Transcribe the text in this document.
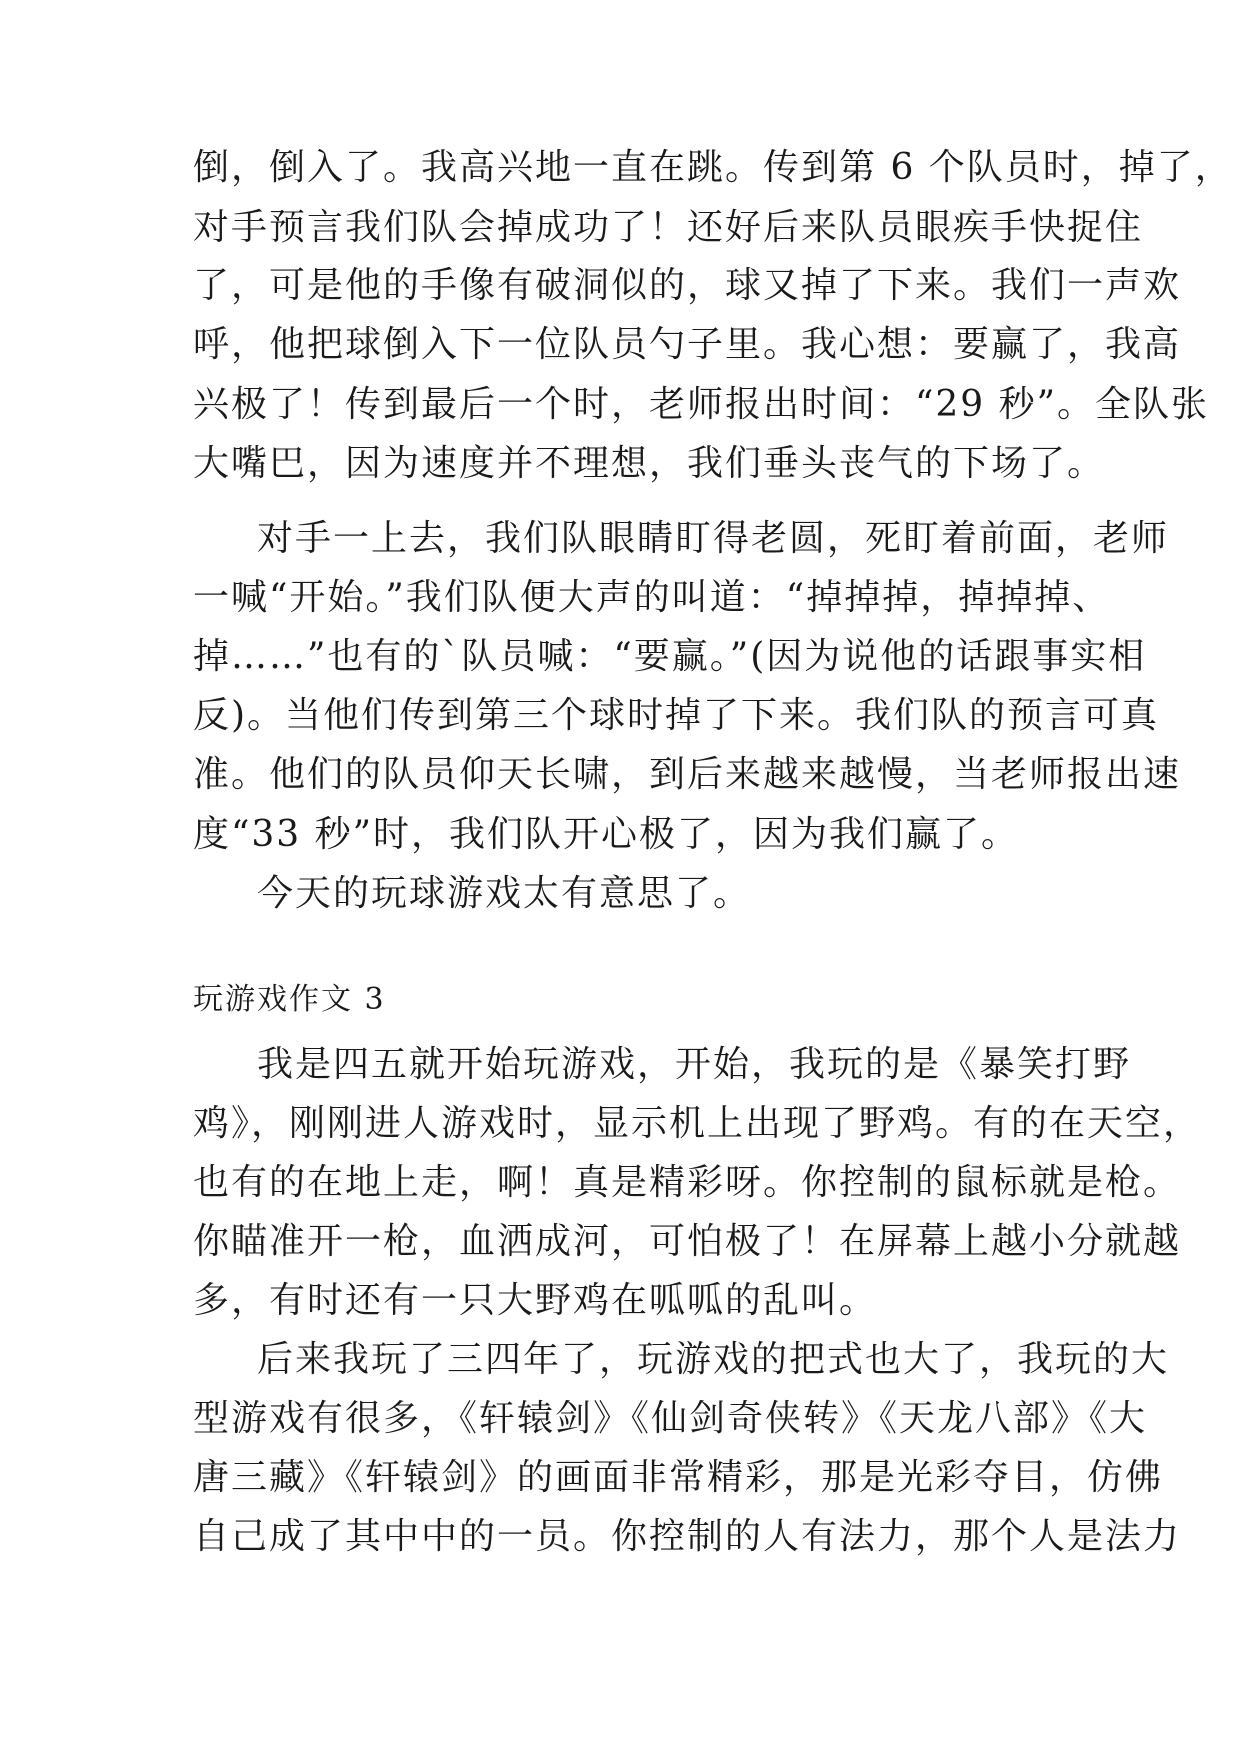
倒，倒入了。我高兴地一直在跳。传到第 6 个队员时，掉了，
对手预言我们队会掉成功了！还好后来队员眼疾手快捉住
了，可是他的手像有破洞似的，球又掉了下来。我们一声欢
呼，他把球倒入下一位队员勺子里。我心想：要赢了，我高
兴极了！传到最后一个时，老师报出时间：“29 秒”。全队张
大嘴巴，因为速度并不理想，我们垂头丧气的下场了。
对手一上去，我们队眼睛盯得老圆，死盯着前面，老师
一喊“开始。”我们队便大声的叫道：“掉掉掉，掉掉掉、
掉……”也有的`队员喊：“要赢。”(因为说他的话跟事实相
反)。当他们传到第三个球时掉了下来。我们队的预言可真
准。他们的队员仰天长啸，到后来越来越慢，当老师报出速
度“33 秒”时，我们队开心极了，因为我们赢了。
今天的玩球游戏太有意思了。
玩游戏作文 3
我是四五就开始玩游戏，开始，我玩的是《暴笑打野
鸡》，刚刚进人游戏时，显示机上出现了野鸡。有的在天空，
也有的在地上走，啊！真是精彩呀。你控制的鼠标就是枪。
你瞄准开一枪，血洒成河，可怕极了！在屏幕上越小分就越
多，有时还有一只大野鸡在呱呱的乱叫。
后来我玩了三四年了，玩游戏的把式也大了，我玩的大
型游戏有很多，《轩辕剑》《仙剑奇侠转》《天龙八部》《大
唐三藏》《轩辕剑》的画面非常精彩，那是光彩夺目，仿佛
自己成了其中中的一员。你控制的人有法力，那个人是法力
